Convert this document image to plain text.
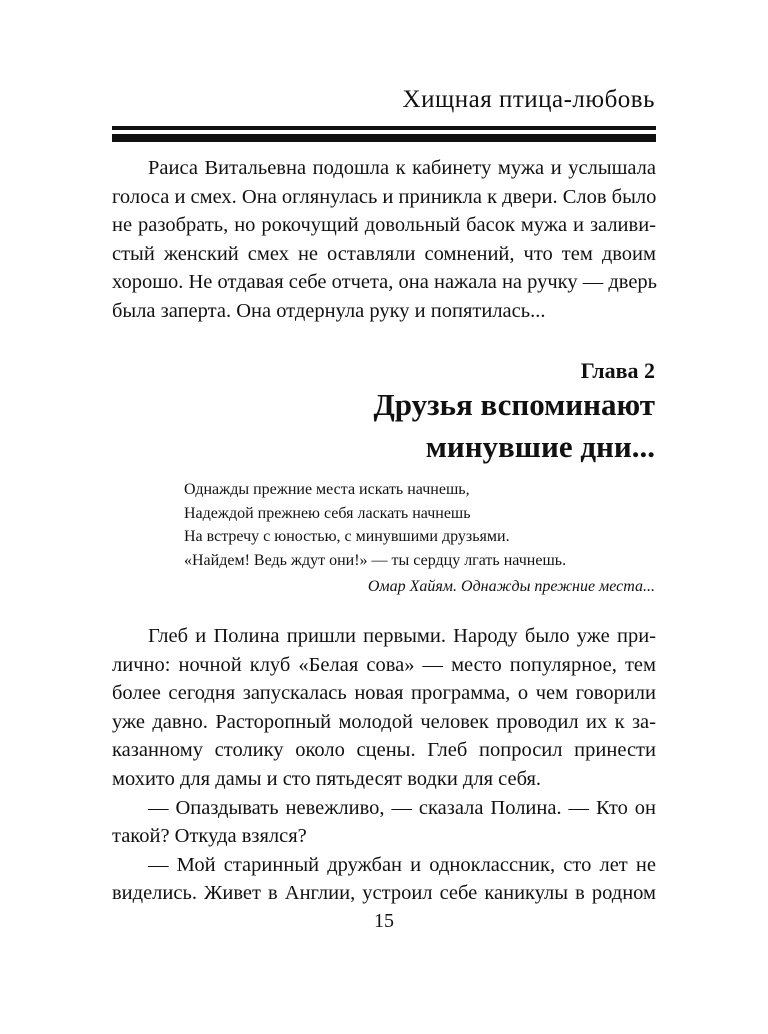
Хищная птица-любовь
Раиса Витальевна подошла к кабинету мужа и услышала
голоса и смех. Она оглянулась и приникла к двери. Слов было
не разобрать, но рокочущий довольный басок мужа и заливи-
стый женский смех не оставляли сомнений, что тем двоим
хорошо. Не отдавая себе отчета, она нажала на ручку — дверь
была заперта. Она отдернула руку и попятилась...
Глава 2
Друзья вспоминают
минувшие дни...
Однажды прежние места искать начнешь,
Надеждой прежнею себя ласкать начнешь
На встречу с юностью, с минувшими друзьями.
«Найдем! Ведь ждут они!» — ты сердцу лгать начнешь.
Омар Хайям. Однажды прежние места...
Глеб и Полина пришли первыми. Народу было уже при-
лично: ночной клуб «Белая сова» — место популярное, тем
более сегодня запускалась новая программа, о чем говорили
уже давно. Расторопный молодой человек проводил их к за-
казанному столику около сцены. Глеб попросил принести
мохито для дамы и сто пятьдесят водки для себя.
— Опаздывать невежливо, — сказала Полина. — Кто он
такой? Откуда взялся?
— Мой старинный дружбан и одноклассник, сто лет не
виделись. Живет в Англии, устроил себе каникулы в родном
15
